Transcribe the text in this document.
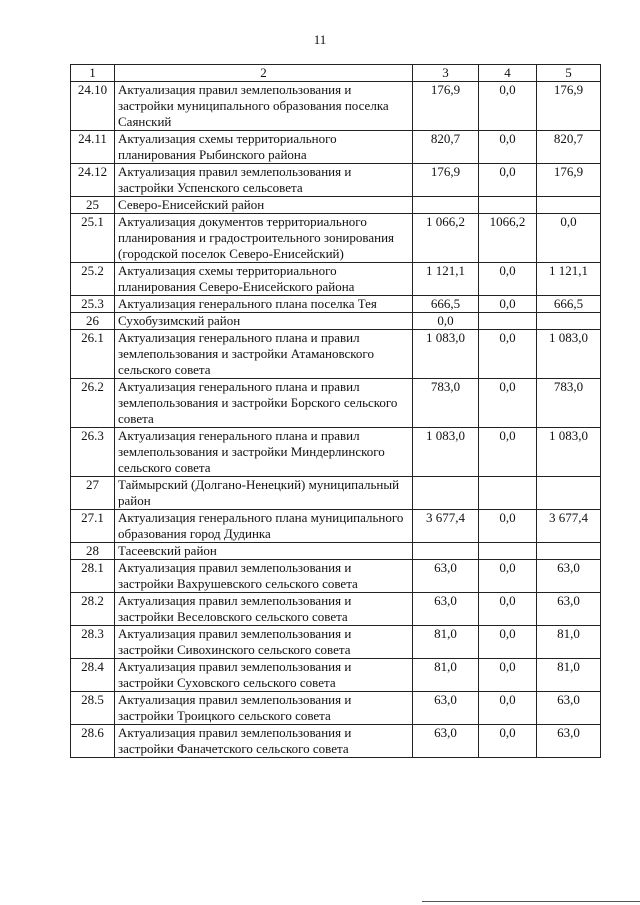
11
1	2	3	4	5
24.10	Актуализация правил землепользования и застройки муниципального образования поселка Саянский	176,9	0,0	176,9
24.11	Актуализация схемы территориального планирования Рыбинского района	820,7	0,0	820,7
24.12	Актуализация правил землепользования и застройки Успенского сельсовета	176,9	0,0	176,9
25	Северо-Енисейский район			
25.1	Актуализация документов территориального планирования и градостроительного зонирования (городской поселок Северо-Енисейский)	1 066,2	1066,2	0,0
25.2	Актуализация схемы территориального планирования Северо-Енисейского района	1 121,1	0,0	1 121,1
25.3	Актуализация генерального плана поселка Тея	666,5	0,0	666,5
26	Сухобузимский район	0,0		
26.1	Актуализация генерального плана и правил землепользования и застройки Атамановского сельского совета	1 083,0	0,0	1 083,0
26.2	Актуализация генерального плана и правил землепользования и застройки Борского сельского совета	783,0	0,0	783,0
26.3	Актуализация генерального плана и правил землепользования и застройки Миндерлинского сельского совета	1 083,0	0,0	1 083,0
27	Таймырский (Долгано-Ненецкий) муниципальный район			
27.1	Актуализация генерального плана муниципального образования город Дудинка	3 677,4	0,0	3 677,4
28	Тасеевский район			
28.1	Актуализация правил землепользования и застройки Вахрушевского сельского совета	63,0	0,0	63,0
28.2	Актуализация правил землепользования и застройки Веселовского сельского совета	63,0	0,0	63,0
28.3	Актуализация правил землепользования и застройки Сивохинского сельского совета	81,0	0,0	81,0
28.4	Актуализация правил землепользования и застройки Суховского сельского совета	81,0	0,0	81,0
28.5	Актуализация правил землепользования и застройки Троицкого сельского совета	63,0	0,0	63,0
28.6	Актуализация правил землепользования и застройки Фаначетского сельского совета	63,0	0,0	63,0
